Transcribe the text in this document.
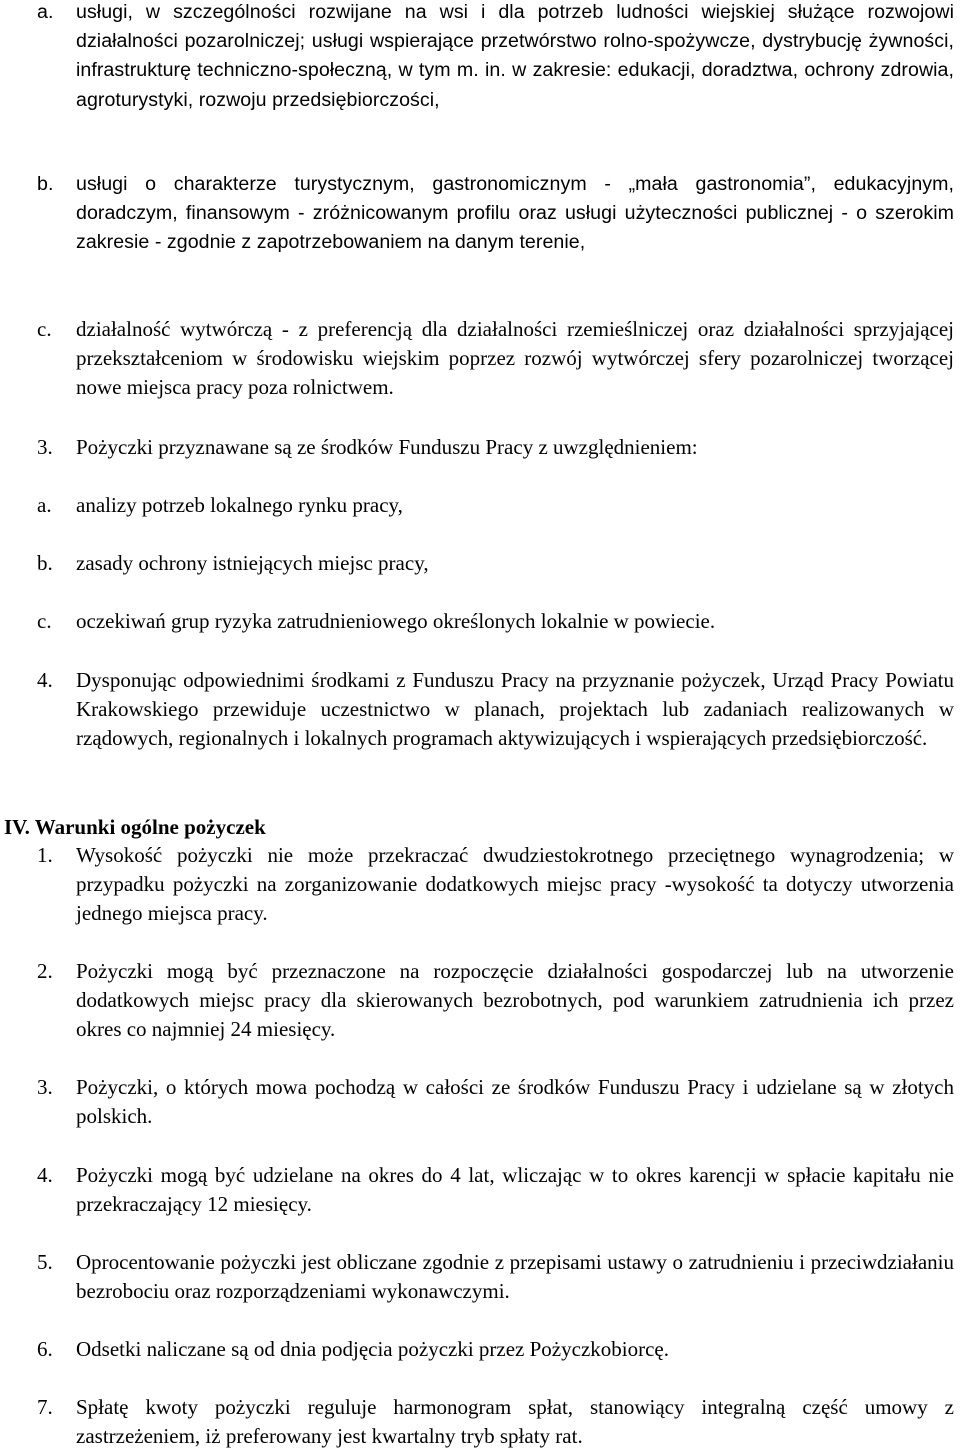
a. usługi, w szczególności rozwijane na wsi i dla potrzeb ludności wiejskiej służące rozwojowi działalności pozarolniczej; usługi wspierające przetwórstwo rolno-spożywcze, dystrybucję żywności, infrastrukturę techniczno-społeczną, w tym m. in. w zakresie: edukacji, doradztwa, ochrony zdrowia, agroturystyki, rozwoju przedsiębiorczości,
b. usługi o charakterze turystycznym, gastronomicznym - „mała gastronomia”, edukacyjnym, doradczym, finansowym - zróżnicowanym profilu oraz usługi użyteczności publicznej - o szerokim zakresie - zgodnie z zapotrzebowaniem na danym terenie,
c. działalność wytwórczą - z preferencją dla działalności rzemieślniczej oraz działalności sprzyjającej przekształceniom w środowisku wiejskim poprzez rozwój wytwórczej sfery pozarolniczej tworzącej nowe miejsca pracy poza rolnictwem.
3. Pożyczki przyznawane są ze środków Funduszu Pracy z uwzględnieniem:
a. analizy potrzeb lokalnego rynku pracy,
b. zasady ochrony istniejących miejsc pracy,
c. oczekiwań grup ryzyka zatrudnieniowego określonych lokalnie w powiecie.
4. Dysponując odpowiednimi środkami z Funduszu Pracy na przyznanie pożyczek, Urząd Pracy Powiatu Krakowskiego przewiduje uczestnictwo w planach, projektach lub zadaniach realizowanych w rządowych, regionalnych i lokalnych programach aktywizujących i wspierających przedsiębiorczość.
IV. Warunki ogólne pożyczek
1. Wysokość pożyczki nie może przekraczać dwudziestokrotnego przeciętnego wynagrodzenia; w przypadku pożyczki na zorganizowanie dodatkowych miejsc pracy -wysokość ta dotyczy utworzenia jednego miejsca pracy.
2. Pożyczki mogą być przeznaczone na rozpoczęcie działalności gospodarczej lub na utworzenie dodatkowych miejsc pracy dla skierowanych bezrobotnych, pod warunkiem zatrudnienia ich przez okres co najmniej 24 miesięcy.
3. Pożyczki, o których mowa pochodzą w całości ze środków Funduszu Pracy i udzielane są w złotych polskich.
4. Pożyczki mogą być udzielane na okres do 4 lat, wliczając w to okres karencji w spłacie kapitału nie przekraczający 12 miesięcy.
5. Oprocentowanie pożyczki jest obliczane zgodnie z przepisami ustawy o zatrudnieniu i przeciwdziałaniu bezrobociu oraz rozporządzeniami wykonawczymi.
6. Odsetki naliczane są od dnia podjęcia pożyczki przez Pożyczkobiorcę.
7. Spłatę kwoty pożyczki reguluje harmonogram spłat, stanowiący integralną część umowy z zastrzeżeniem, iż preferowany jest kwartalny tryb spłaty rat.
